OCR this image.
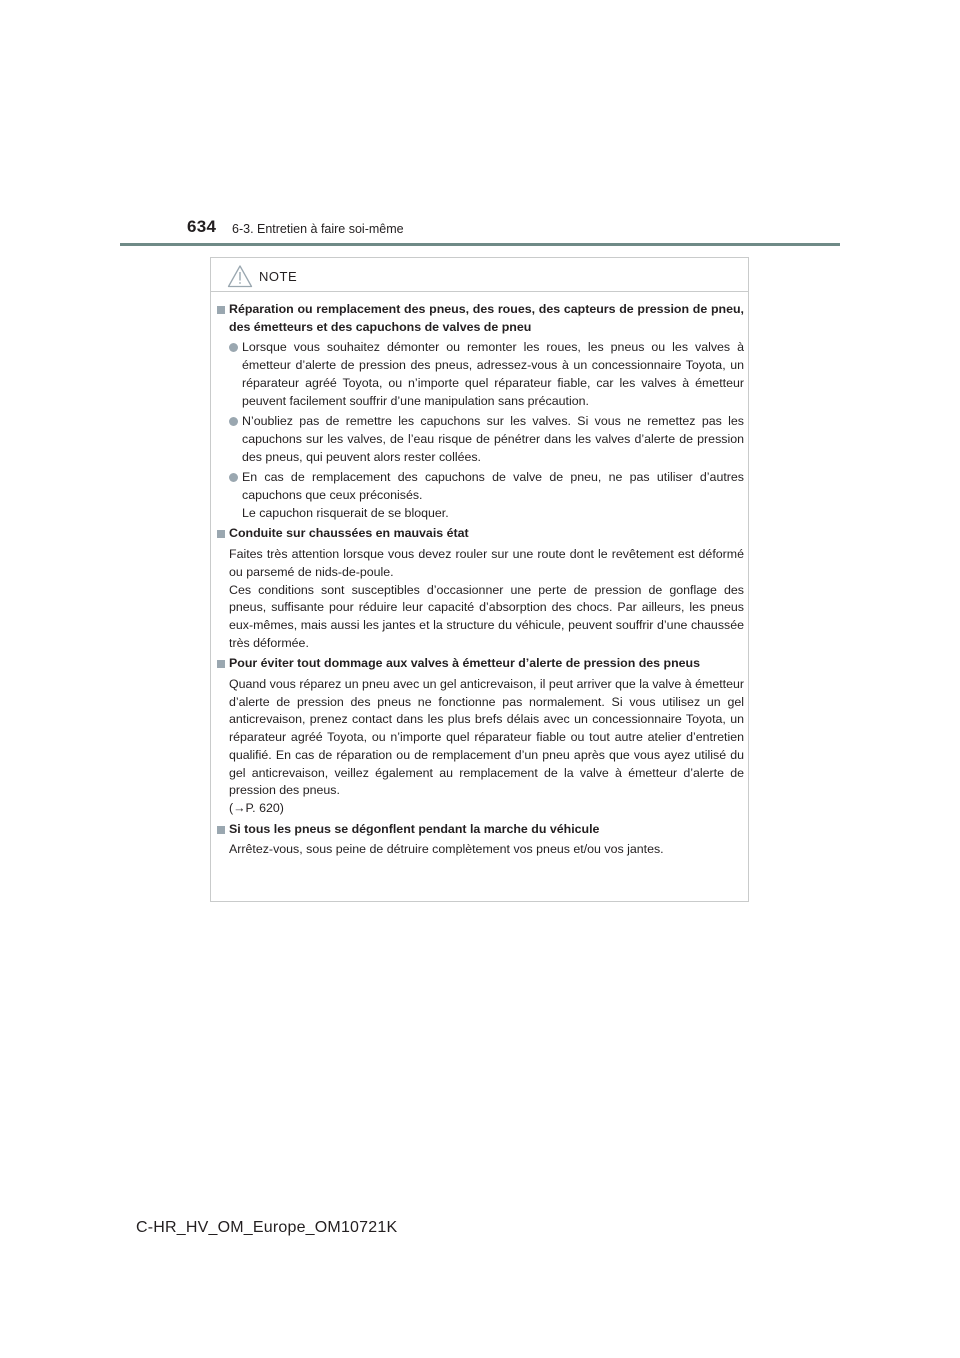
634 6-3. Entretien à faire soi-même
NOTE
Réparation ou remplacement des pneus, des roues, des capteurs de pression de pneu, des émetteurs et des capuchons de valves de pneu
Lorsque vous souhaitez démonter ou remonter les roues, les pneus ou les valves à émetteur d’alerte de pression des pneus, adressez-vous à un concessionnaire Toyota, un réparateur agréé Toyota, ou n’importe quel réparateur fiable, car les valves à émetteur peuvent facilement souffrir d’une manipulation sans précaution.
N’oubliez pas de remettre les capuchons sur les valves. Si vous ne remettez pas les capuchons sur les valves, de l’eau risque de pénétrer dans les valves d’alerte de pression des pneus, qui peuvent alors rester collées.
En cas de remplacement des capuchons de valve de pneu, ne pas utiliser d’autres capuchons que ceux préconisés.
Le capuchon risquerait de se bloquer.
Conduite sur chaussées en mauvais état
Faites très attention lorsque vous devez rouler sur une route dont le revêtement est déformé ou parsemé de nids-de-poule.
Ces conditions sont susceptibles d’occasionner une perte de pression de gonflage des pneus, suffisante pour réduire leur capacité d’absorption des chocs. Par ailleurs, les pneus eux-mêmes, mais aussi les jantes et la structure du véhicule, peuvent souffrir d’une chaussée très déformée.
Pour éviter tout dommage aux valves à émetteur d’alerte de pression des pneus
Quand vous réparez un pneu avec un gel anticrevaison, il peut arriver que la valve à émetteur d’alerte de pression des pneus ne fonctionne pas normalement. Si vous utilisez un gel anticrevaison, prenez contact dans les plus brefs délais avec un concessionnaire Toyota, un réparateur agréé Toyota, ou n’importe quel réparateur fiable ou tout autre atelier d’entretien qualifié. En cas de réparation ou de remplacement d’un pneu après que vous ayez utilisé du gel anticrevaison, veillez également au remplacement de la valve à émetteur d’alerte de pression des pneus.
(→P. 620)
Si tous les pneus se dégonflent pendant la marche du véhicule
Arrêtez-vous, sous peine de détruire complètement vos pneus et/ou vos jantes.
C-HR_HV_OM_Europe_OM10721K
